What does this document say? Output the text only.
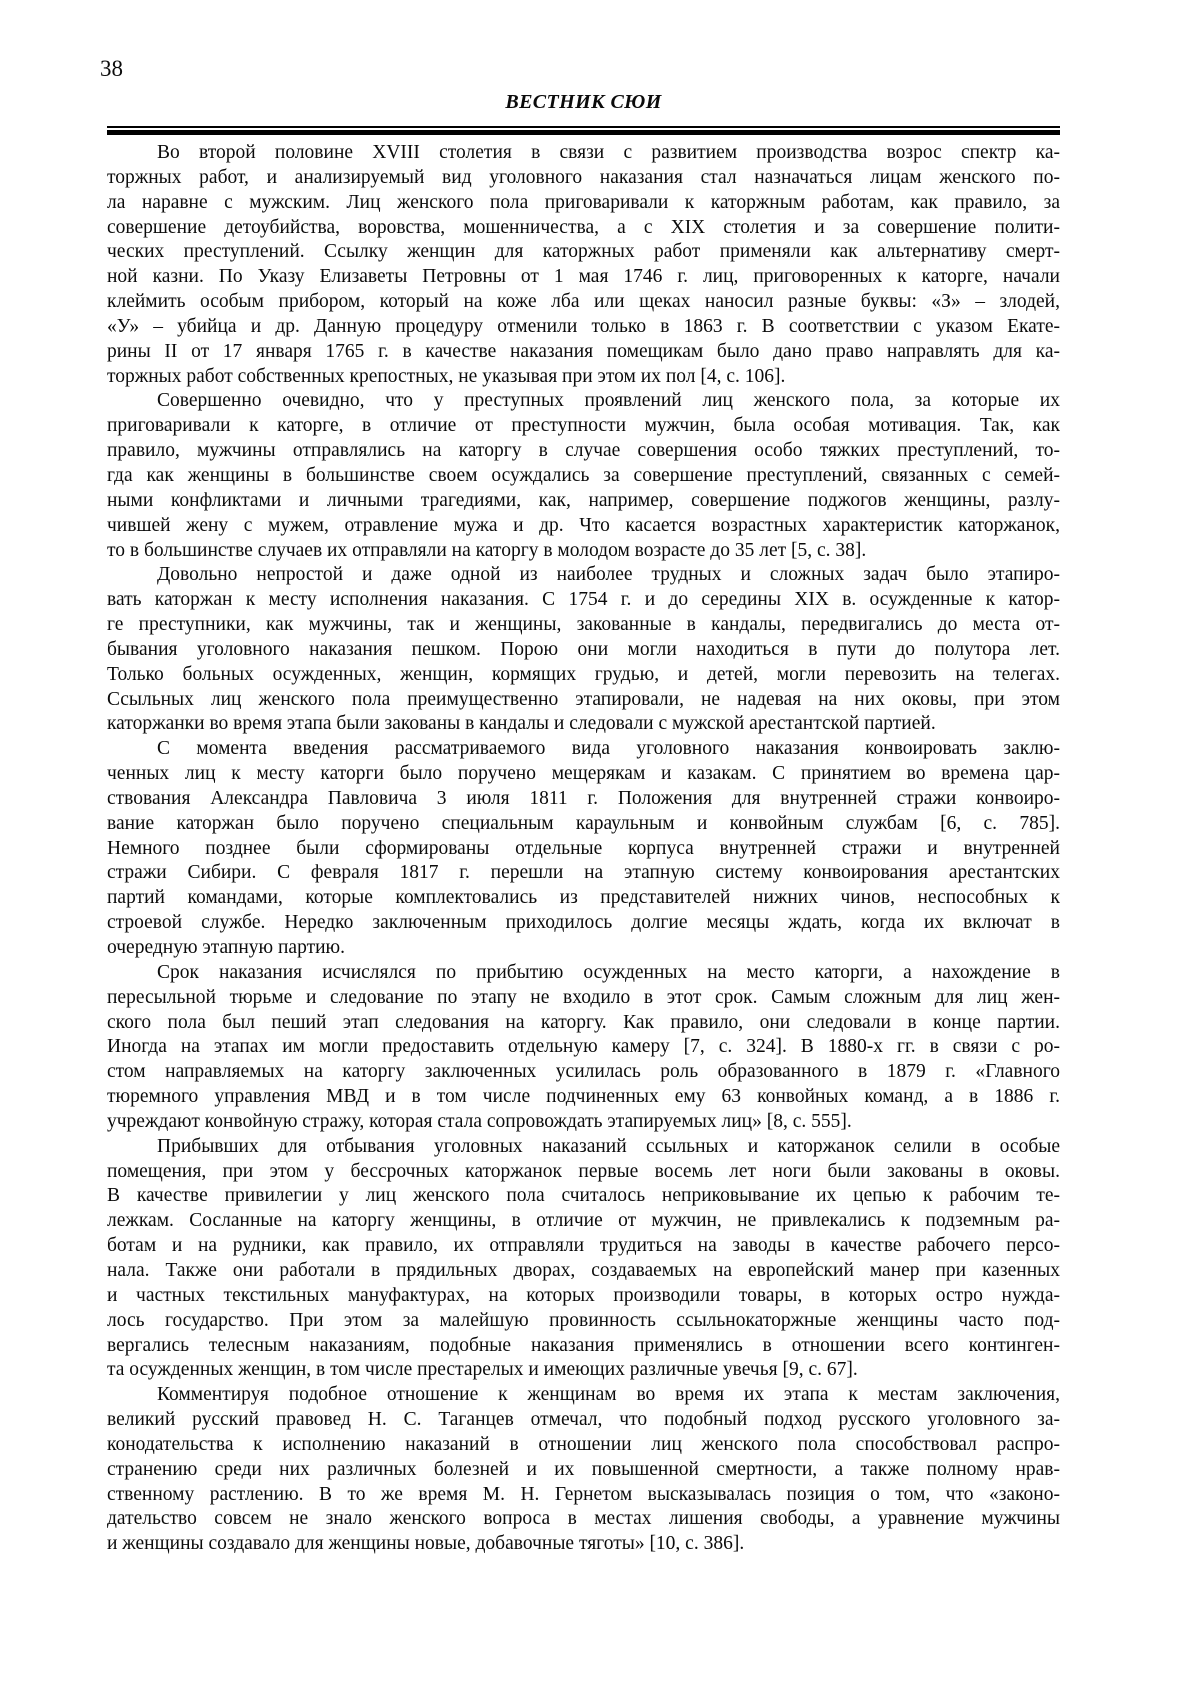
38
ВЕСТНИК СЮИ
Во второй половине XVIII столетия в связи с развитием производства возрос спектр ка-
торжных работ, и анализируемый вид уголовного наказания стал назначаться лицам женского по-
ла наравне с мужским. Лиц женского пола приговаривали к каторжным работам, как правило, за
совершение детоубийства, воровства, мошенничества, а с XIX столетия и за совершение полити-
ческих преступлений. Ссылку женщин для каторжных работ применяли как альтернативу смерт-
ной казни. По Указу Елизаветы Петровны от 1 мая 1746 г. лиц, приговоренных к каторге, начали
клеймить особым прибором, который на коже лба или щеках наносил разные буквы: «З» – злодей,
«У» – убийца и др. Данную процедуру отменили только в 1863 г. В соответствии с указом Екате-
рины II от 17 января 1765 г. в качестве наказания помещикам было дано право направлять для ка-
торжных работ собственных крепостных, не указывая при этом их пол [4, с. 106].
Совершенно очевидно, что у преступных проявлений лиц женского пола, за которые их
приговаривали к каторге, в отличие от преступности мужчин, была особая мотивация. Так, как
правило, мужчины отправлялись на каторгу в случае совершения особо тяжких преступлений, то-
гда как женщины в большинстве своем осуждались за совершение преступлений, связанных с семей-
ными конфликтами и личными трагедиями, как, например, совершение поджогов женщины, разлу-
чившей жену с мужем, отравление мужа и др. Что касается возрастных характеристик каторжанок,
то в большинстве случаев их отправляли на каторгу в молодом возрасте до 35 лет [5, с. 38].
Довольно непростой и даже одной из наиболее трудных и сложных задач было этапиро-
вать каторжан к месту исполнения наказания. С 1754 г. и до середины XIX в. осужденные к катор-
ге преступники, как мужчины, так и женщины, закованные в кандалы, передвигались до места от-
бывания уголовного наказания пешком. Порою они могли находиться в пути до полутора лет.
Только больных осужденных, женщин, кормящих грудью, и детей, могли перевозить на телегах.
Ссыльных лиц женского пола преимущественно этапировали, не надевая на них оковы, при этом
каторжанки во время этапа были закованы в кандалы и следовали с мужской арестантской партией.
С момента введения рассматриваемого вида уголовного наказания конвоировать заклю-
ченных лиц к месту каторги было поручено мещерякам и казакам. С принятием во времена цар-
ствования Александра Павловича 3 июля 1811 г. Положения для внутренней стражи конвоиро-
вание каторжан было поручено специальным караульным и конвойным службам [6, с. 785].
Немного позднее были сформированы отдельные корпуса внутренней стражи и внутренней
стражи Сибири. С февраля 1817 г. перешли на этапную систему конвоирования арестантских
партий командами, которые комплектовались из представителей нижних чинов, неспособных к
строевой службе. Нередко заключенным приходилось долгие месяцы ждать, когда их включат в
очередную этапную партию.
Срок наказания исчислялся по прибытию осужденных на место каторги, а нахождение в
пересыльной тюрьме и следование по этапу не входило в этот срок. Самым сложным для лиц жен-
ского пола был пеший этап следования на каторгу. Как правило, они следовали в конце партии.
Иногда на этапах им могли предоставить отдельную камеру [7, с. 324]. В 1880-х гг. в связи с ро-
стом направляемых на каторгу заключенных усилилась роль образованного в 1879 г. «Главного
тюремного управления МВД и в том числе подчиненных ему 63 конвойных команд, а в 1886 г.
учреждают конвойную стражу, которая стала сопровождать этапируемых лиц» [8, с. 555].
Прибывших для отбывания уголовных наказаний ссыльных и каторжанок селили в особые
помещения, при этом у бессрочных каторжанок первые восемь лет ноги были закованы в оковы.
В качестве привилегии у лиц женского пола считалось неприковывание их цепью к рабочим те-
лежкам. Сосланные на каторгу женщины, в отличие от мужчин, не привлекались к подземным ра-
ботам и на рудники, как правило, их отправляли трудиться на заводы в качестве рабочего персо-
нала. Также они работали в прядильных дворах, создаваемых на европейский манер при казенных
и частных текстильных мануфактурах, на которых производили товары, в которых остро нужда-
лось государство. При этом за малейшую провинность ссыльнокаторжные женщины часто под-
вергались телесным наказаниям, подобные наказания применялись в отношении всего континген-
та осужденных женщин, в том числе престарелых и имеющих различные увечья [9, с. 67].
Комментируя подобное отношение к женщинам во время их этапа к местам заключения,
великий русский правовед Н. С. Таганцев отмечал, что подобный подход русского уголовного за-
конодательства к исполнению наказаний в отношении лиц женского пола способствовал распро-
странению среди них различных болезней и их повышенной смертности, а также полному нрав-
ственному растлению. В то же время М. Н. Гернетом высказывалась позиция о том, что «законо-
дательство совсем не знало женского вопроса в местах лишения свободы, а уравнение мужчины
и женщины создавало для женщины новые, добавочные тяготы» [10, с. 386].
